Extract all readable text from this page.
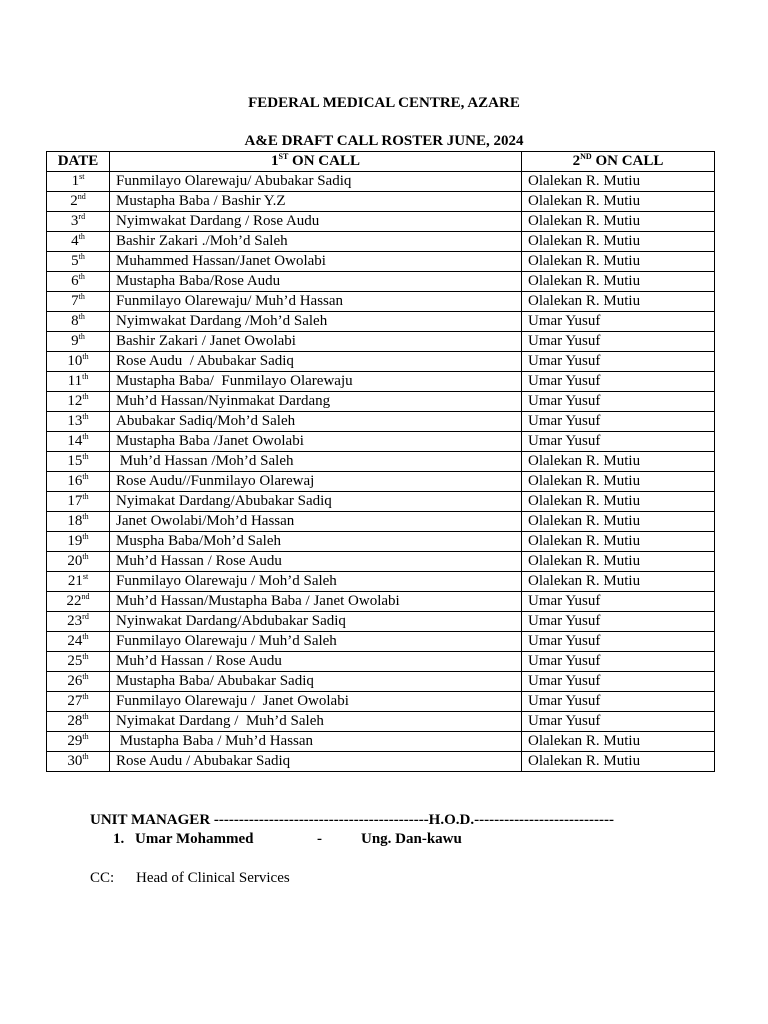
FEDERAL MEDICAL CENTRE, AZARE
A&E DRAFT CALL ROSTER JUNE, 2024
DATE	1ST ON CALL	2ND ON CALL
1st	Funmilayo Olarewaju/ Abubakar Sadiq	Olalekan R. Mutiu
2nd	Mustapha Baba / Bashir Y.Z	Olalekan R. Mutiu
3rd	Nyimwakat Dardang / Rose Audu	Olalekan R. Mutiu
4th	Bashir Zakari ./Moh’d Saleh	Olalekan R. Mutiu
5th	Muhammed Hassan/Janet Owolabi	Olalekan R. Mutiu
6th	Mustapha Baba/Rose Audu	Olalekan R. Mutiu
7th	Funmilayo Olarewaju/ Muh’d Hassan	Olalekan R. Mutiu
8th	Nyimwakat Dardang /Moh’d Saleh	Umar Yusuf
9th	Bashir Zakari / Janet Owolabi	Umar Yusuf
10th	Rose Audu  / Abubakar Sadiq	Umar Yusuf
11th	Mustapha Baba/  Funmilayo Olarewaju	Umar Yusuf
12th	Muh’d Hassan/Nyinmakat Dardang	Umar Yusuf
13th	Abubakar Sadiq/Moh’d Saleh	Umar Yusuf
14th	Mustapha Baba /Janet Owolabi	Umar Yusuf
15th	Muh’d Hassan /Moh’d Saleh	Olalekan R. Mutiu
16th	Rose Audu//Funmilayo Olarewaj	Olalekan R. Mutiu
17th	Nyimakat Dardang/Abubakar Sadiq	Olalekan R. Mutiu
18th	Janet Owolabi/Moh’d Hassan	Olalekan R. Mutiu
19th	Muspha Baba/Moh’d Saleh	Olalekan R. Mutiu
20th	Muh’d Hassan / Rose Audu	Olalekan R. Mutiu
21st	Funmilayo Olarewaju / Moh’d Saleh	Olalekan R. Mutiu
22nd	Muh’d Hassan/Mustapha Baba / Janet Owolabi	Umar Yusuf
23rd	Nyinwakat Dardang/Abdubakar Sadiq	Umar Yusuf
24th	Funmilayo Olarewaju / Muh’d Saleh	Umar Yusuf
25th	Muh’d Hassan / Rose Audu	Umar Yusuf
26th	Mustapha Baba/ Abubakar Sadiq	Umar Yusuf
27th	Funmilayo Olarewaju /  Janet Owolabi	Umar Yusuf
28th	Nyimakat Dardang /  Muh’d Saleh	Umar Yusuf
29th	Mustapha Baba / Muh’d Hassan	Olalekan R. Mutiu
30th	Rose Audu / Abubakar Sadiq	Olalekan R. Mutiu
UNIT MANAGER -------------------------------------------H.O.D.----------------------------
1. Umar Mohammed	-	Ung. Dan-kawu
CC: Head of Clinical Services
